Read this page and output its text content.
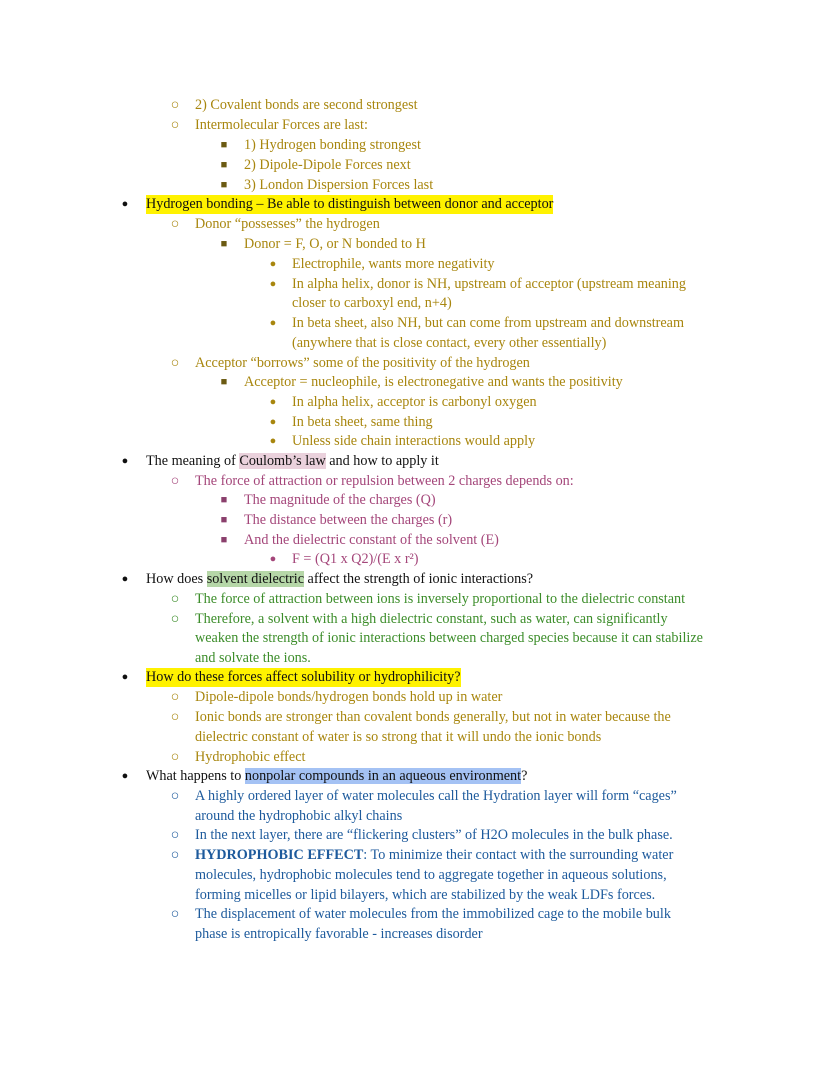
○ 2) Covalent bonds are second strongest
○ Intermolecular Forces are last:
■ 1) Hydrogen bonding strongest
■ 2) Dipole-Dipole Forces next
■ 3) London Dispersion Forces last
● Hydrogen bonding – Be able to distinguish between donor and acceptor
○ Donor “possesses” the hydrogen
■ Donor = F, O, or N bonded to H
● Electrophile, wants more negativity
● In alpha helix, donor is NH, upstream of acceptor (upstream meaning
closer to carboxyl end, n+4)
● In beta sheet, also NH, but can come from upstream and downstream
(anywhere that is close contact, every other essentially)
○ Acceptor “borrows” some of the positivity of the hydrogen
■ Acceptor = nucleophile, is electronegative and wants the positivity
● In alpha helix, acceptor is carbonyl oxygen
● In beta sheet, same thing
● Unless side chain interactions would apply
● The meaning of Coulomb’s law and how to apply it
○ The force of attraction or repulsion between 2 charges depends on:
■ The magnitude of the charges (Q)
■ The distance between the charges (r)
■ And the dielectric constant of the solvent (E)
● F = (Q1 x Q2)/(E x r²)
● How does solvent dielectric affect the strength of ionic interactions?
○ The force of attraction between ions is inversely proportional to the dielectric constant
○ Therefore, a solvent with a high dielectric constant, such as water, can significantly
weaken the strength of ionic interactions between charged species because it can stabilize
and solvate the ions.
● How do these forces affect solubility or hydrophilicity?
○ Dipole-dipole bonds/hydrogen bonds hold up in water
○ Ionic bonds are stronger than covalent bonds generally, but not in water because the
dielectric constant of water is so strong that it will undo the ionic bonds
○ Hydrophobic effect
● What happens to nonpolar compounds in an aqueous environment?
○ A highly ordered layer of water molecules call the Hydration layer will form “cages”
around the hydrophobic alkyl chains
○ In the next layer, there are “flickering clusters” of H2O molecules in the bulk phase.
○ HYDROPHOBIC EFFECT: To minimize their contact with the surrounding water
molecules, hydrophobic molecules tend to aggregate together in aqueous solutions,
forming micelles or lipid bilayers, which are stabilized by the weak LDFs forces.
○ The displacement of water molecules from the immobilized cage to the mobile bulk
phase is entropically favorable - increases disorder
